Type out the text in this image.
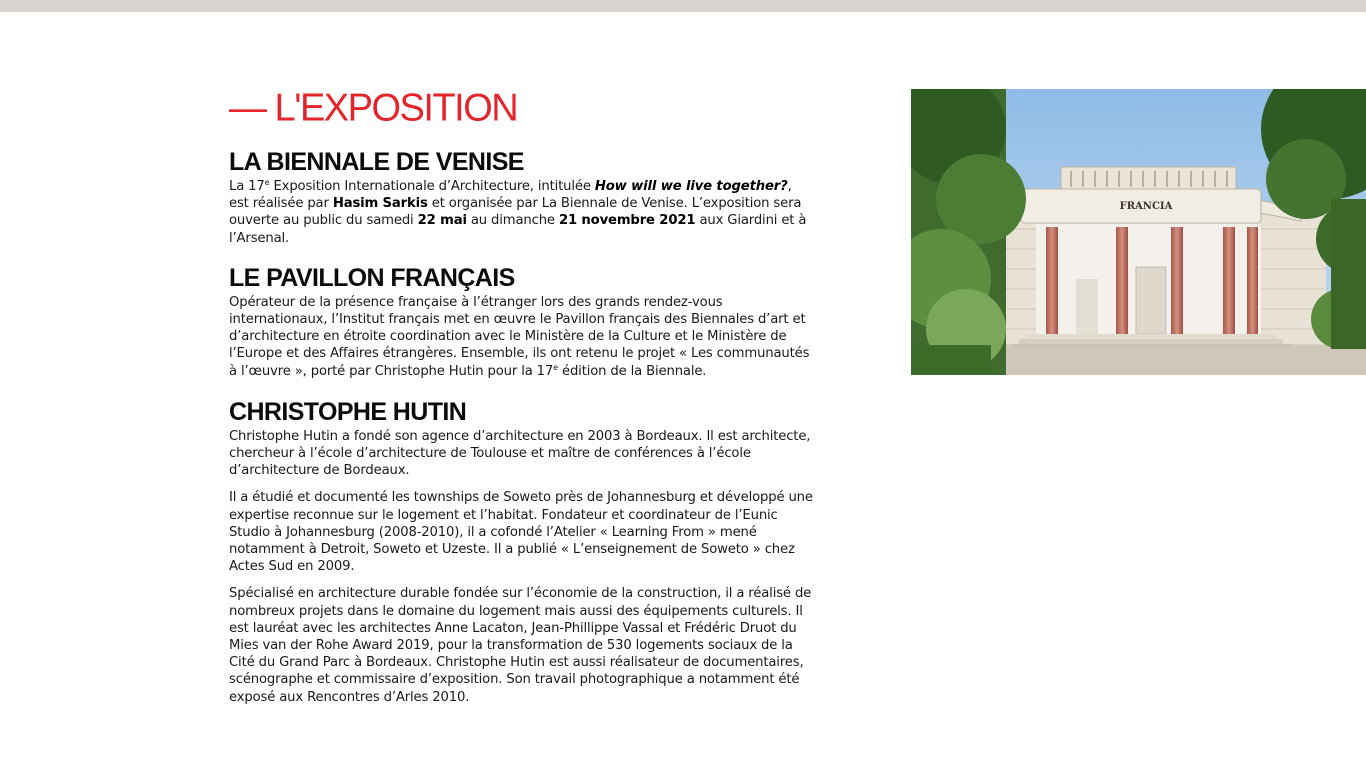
— L'EXPOSITION
LA BIENNALE DE VENISE

La 17e Exposition Internationale d’Architecture, intitulée How will we live together?, est réalisée par Hasim Sarkis et organisée par La Biennale de Venise. L’exposition sera ouverte au public du samedi 22 mai au dimanche 21 novembre 2021 aux Giardini et à l’Arsenal.

LE PAVILLON FRANÇAIS

Opérateur de la présence française à l’étranger lors des grands rendez-vous internationaux, l’Institut français met en œuvre le Pavillon français des Biennales d’art et d’architecture en étroite coordination avec le Ministère de la Culture et le Ministère de l’Europe et des Affaires étrangères. Ensemble, ils ont retenu le projet « Les communautés à l’œuvre », porté par Christophe Hutin pour la 17e édition de la Biennale.

CHRISTOPHE HUTIN

Christophe Hutin a fondé son agence d’architecture en 2003 à Bordeaux. Il est architecte, chercheur à l’école d’architecture de Toulouse et maître de conférences à l’école d’architecture de Bordeaux.

Il a étudié et documenté les townships de Soweto près de Johannesburg et développé une expertise reconnue sur le logement et l’habitat. Fondateur et coordinateur de l’Eunic Studio à Johannesburg (2008-2010), il a cofondé l’Atelier « Learning From » mené notamment à Detroit, Soweto et Uzeste. Il a publié « L’enseignement de Soweto » chez Actes Sud en 2009.

Spécialisé en architecture durable fondée sur l’économie de la construction, il a réalisé de nombreux projets dans le domaine du logement mais aussi des équipements culturels. Il est lauréat avec les architectes Anne Lacaton, Jean-Phillippe Vassal et Frédéric Druot du Mies van der Rohe Award 2019, pour la transformation de 530 logements sociaux de la Cité du Grand Parc à Bordeaux. Christophe Hutin est aussi réalisateur de documentaires, scénographe et commissaire d’exposition. Son travail photographique a notamment été exposé aux Rencontres d’Arles 2010.

FRANCIA
